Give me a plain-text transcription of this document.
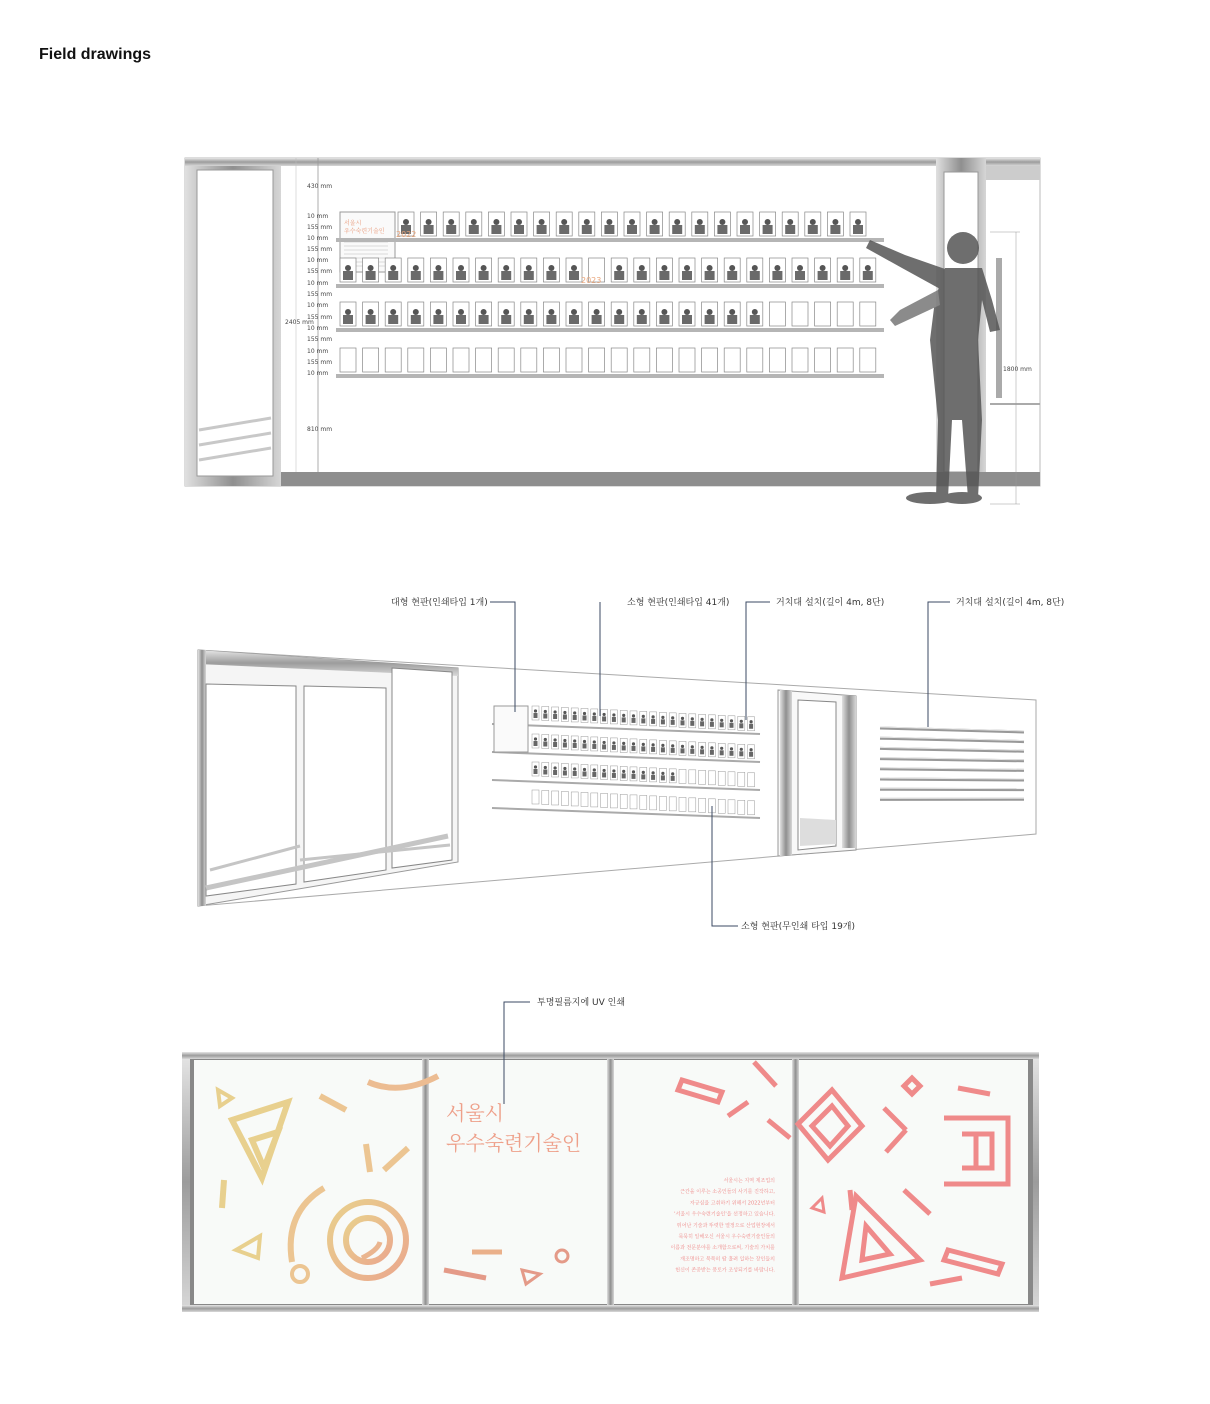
Field drawings
430 mm
10 mm
155 mm
10 mm
155 mm
10 mm
155 mm
10 mm
155 mm
10 mm
155 mm
10 mm
155 mm
10 mm
155 mm
10 mm
810 mm
2405 mm
서울시
우수숙련기술인 2022
2023
1800 mm
대형 현판(인쇄타입 1개)	소형 현판(인쇄타입 41개)	거치대 설치(길이 4m, 8단)	거치대 설치(길이 4m, 8단)
소형 현판(무인쇄 타입 19개)
서울시
우수숙련기술인
서울시는 지역 제조업의
근간을 이루는 소공인들의 사기를 진작하고,
자긍심을 고취하기 위해서 2022년부터
'서울시 우수숙련기술인'을 선정하고 있습니다.
뛰어난 기술과 뚜렷한 열정으로 산업현장에서
묵묵히 일해오신 서울시 우수숙련기술인들의
이름과 전문분야를 소개함으로써, 기술의 가치를
재조명하고 묵묵히 땀 흘려 일하는 장인들의
헌신이 존중받는 풍토가 조성되기를 바랍니다.
투명필름지에 UV 인쇄
